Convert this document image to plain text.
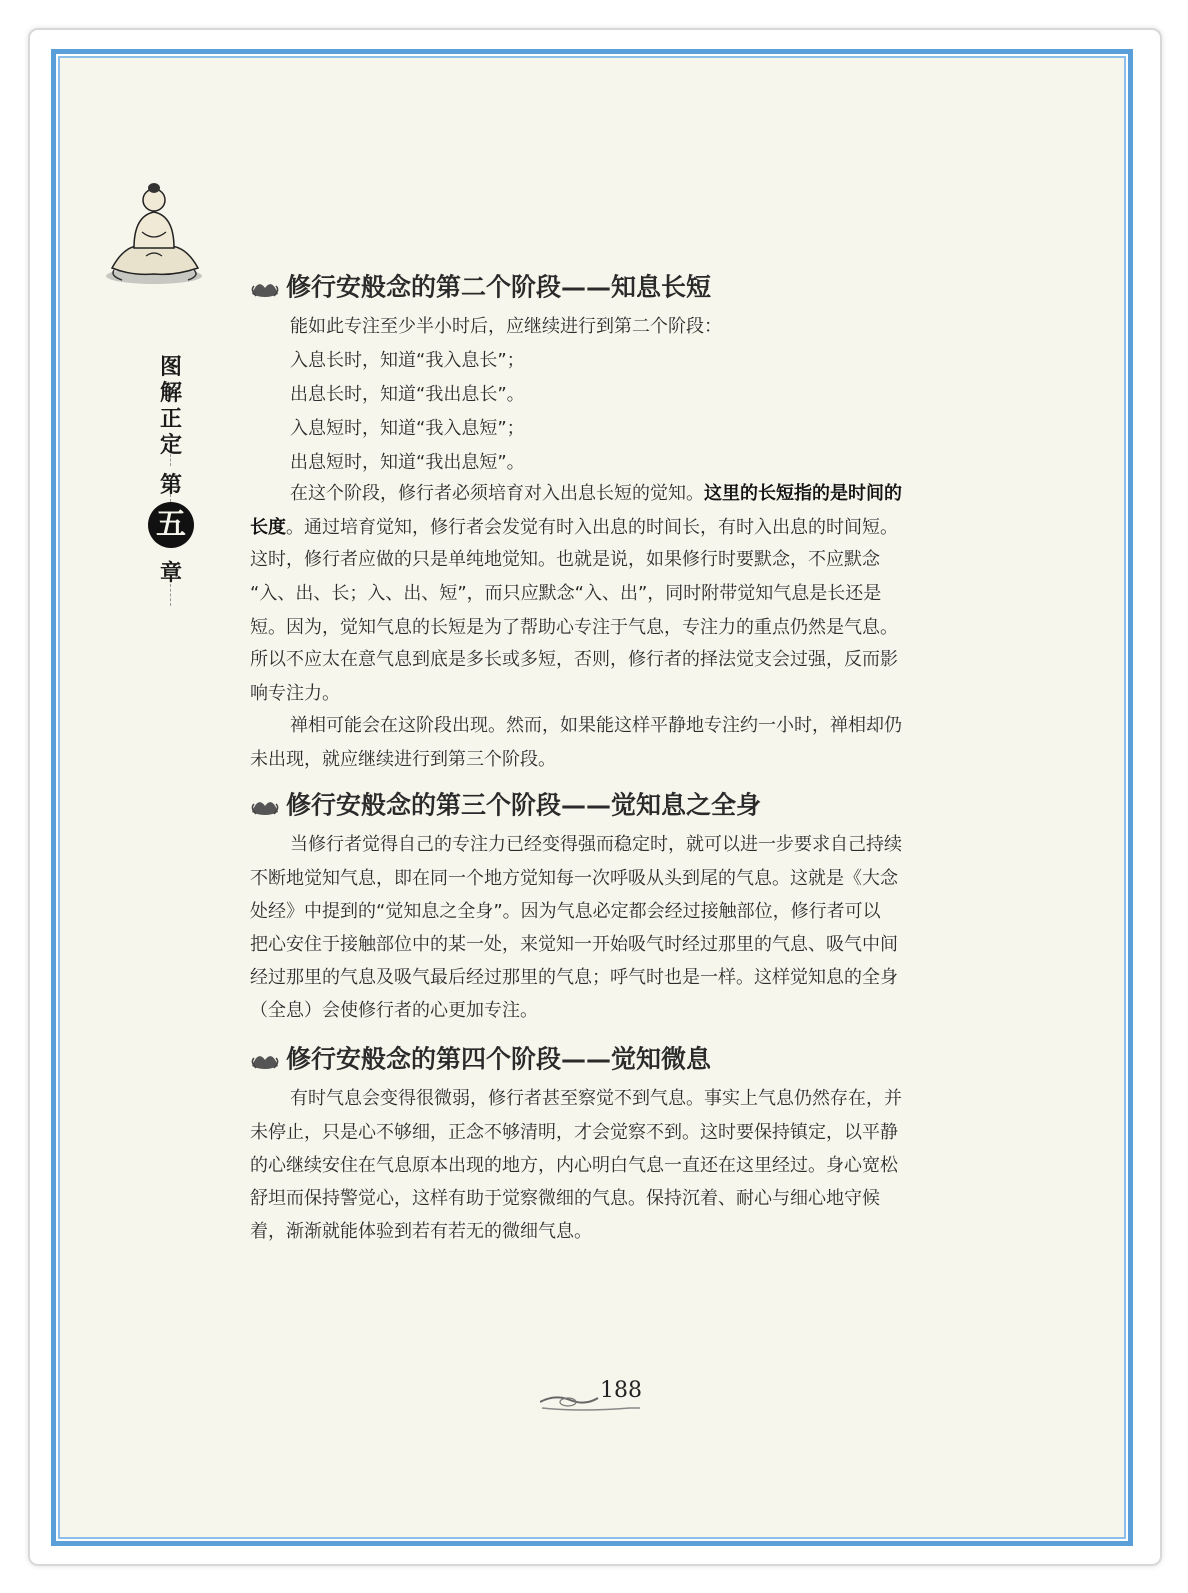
图
解
正
定
第
五
章
修行安般念的第二个阶段——知息长短
能如此专注至少半小时后，应继续进行到第二个阶段：
入息长时，知道“我入息长”；
出息长时，知道“我出息长”。
入息短时，知道“我入息短”；
出息短时，知道“我出息短”。
在这个阶段，修行者必须培育对入出息长短的觉知。这里的长短指的是时间的
长度。通过培育觉知，修行者会发觉有时入出息的时间长，有时入出息的时间短。
这时，修行者应做的只是单纯地觉知。也就是说，如果修行时要默念，不应默念
“入、出、长；入、出、短”，而只应默念“入、出”，同时附带觉知气息是长还是
短。因为，觉知气息的长短是为了帮助心专注于气息，专注力的重点仍然是气息。
所以不应太在意气息到底是多长或多短，否则，修行者的择法觉支会过强，反而影
响专注力。
禅相可能会在这阶段出现。然而，如果能这样平静地专注约一小时，禅相却仍
未出现，就应继续进行到第三个阶段。
修行安般念的第三个阶段——觉知息之全身
当修行者觉得自己的专注力已经变得强而稳定时，就可以进一步要求自己持续
不断地觉知气息，即在同一个地方觉知每一次呼吸从头到尾的气息。这就是《大念
处经》中提到的“觉知息之全身”。因为气息必定都会经过接触部位，修行者可以
把心安住于接触部位中的某一处，来觉知一开始吸气时经过那里的气息、吸气中间
经过那里的气息及吸气最后经过那里的气息；呼气时也是一样。这样觉知息的全身
（全息）会使修行者的心更加专注。
修行安般念的第四个阶段——觉知微息
有时气息会变得很微弱，修行者甚至察觉不到气息。事实上气息仍然存在，并
未停止，只是心不够细，正念不够清明，才会觉察不到。这时要保持镇定，以平静
的心继续安住在气息原本出现的地方，内心明白气息一直还在这里经过。身心宽松
舒坦而保持警觉心，这样有助于觉察微细的气息。保持沉着、耐心与细心地守候
着，渐渐就能体验到若有若无的微细气息。
188
